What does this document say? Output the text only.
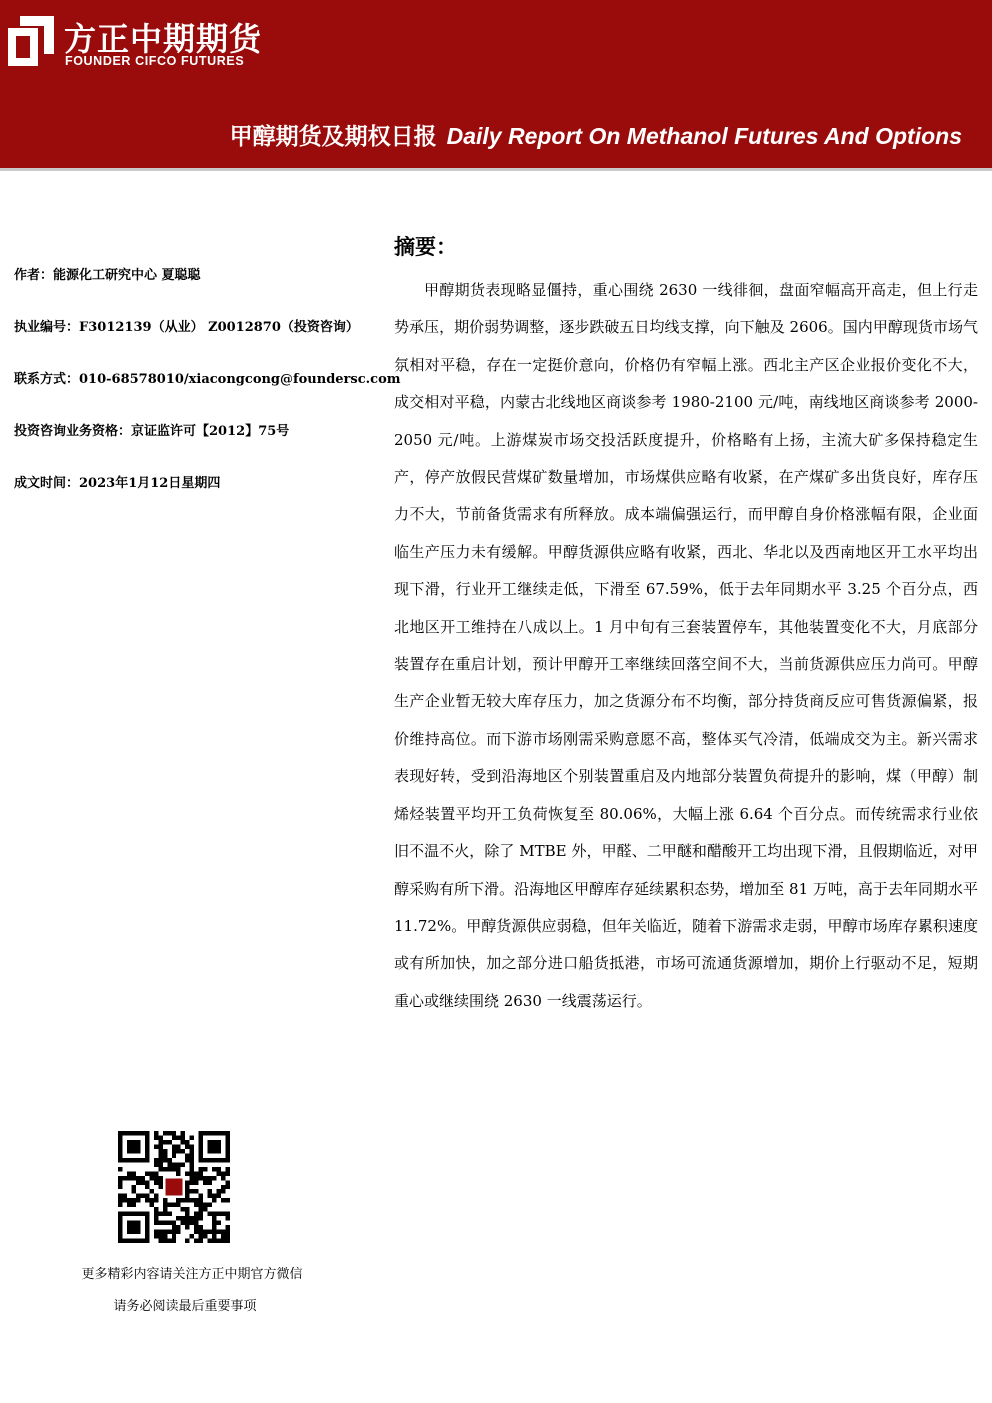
方正中期期货
FOUNDER CIFCO FUTURES
甲醇期货及期权日报 Daily Report On Methanol Futures And Options
作者：能源化工研究中心 夏聪聪
执业编号：F3012139（从业） Z0012870（投资咨询）
联系方式：010-68578010/xiacongcong@foundersc.com
投资咨询业务资格：京证监许可【2012】75号
成文时间：2023年1月12日星期四
摘要：

甲醇期货表现略显僵持，重心围绕 2630 一线徘徊，盘面窄幅高开高走，但上行走势承压，期价弱势调整，逐步跌破五日均线支撑，向下触及 2606。国内甲醇现货市场气氛相对平稳，存在一定挺价意向，价格仍有窄幅上涨。西北主产区企业报价变化不大，成交相对平稳，内蒙古北线地区商谈参考 1980-2100 元/吨，南线地区商谈参考 2000-2050 元/吨。上游煤炭市场交投活跃度提升，价格略有上扬，主流大矿多保持稳定生产，停产放假民营煤矿数量增加，市场煤供应略有收紧，在产煤矿多出货良好，库存压力不大，节前备货需求有所释放。成本端偏强运行，而甲醇自身价格涨幅有限，企业面临生产压力未有缓解。甲醇货源供应略有收紧，西北、华北以及西南地区开工水平均出现下滑，行业开工继续走低，下滑至 67.59%，低于去年同期水平 3.25 个百分点，西北地区开工维持在八成以上。1 月中旬有三套装置停车，其他装置变化不大，月底部分装置存在重启计划，预计甲醇开工率继续回落空间不大，当前货源供应压力尚可。甲醇生产企业暂无较大库存压力，加之货源分布不均衡，部分持货商反应可售货源偏紧，报价维持高位。而下游市场刚需采购意愿不高，整体买气冷清，低端成交为主。新兴需求表现好转，受到沿海地区个别装置重启及内地部分装置负荷提升的影响，煤（甲醇）制烯烃装置平均开工负荷恢复至 80.06%，大幅上涨 6.64 个百分点。而传统需求行业依旧不温不火，除了 MTBE 外，甲醛、二甲醚和醋酸开工均出现下滑，且假期临近，对甲醇采购有所下滑。沿海地区甲醇库存延续累积态势，增加至 81 万吨，高于去年同期水平 11.72%。甲醇货源供应弱稳，但年关临近，随着下游需求走弱，甲醇市场库存累积速度或有所加快，加之部分进口船货抵港，市场可流通货源增加，期价上行驱动不足，短期重心或继续围绕 2630 一线震荡运行。

更多精彩内容请关注方正中期官方微信
请务必阅读最后重要事项
